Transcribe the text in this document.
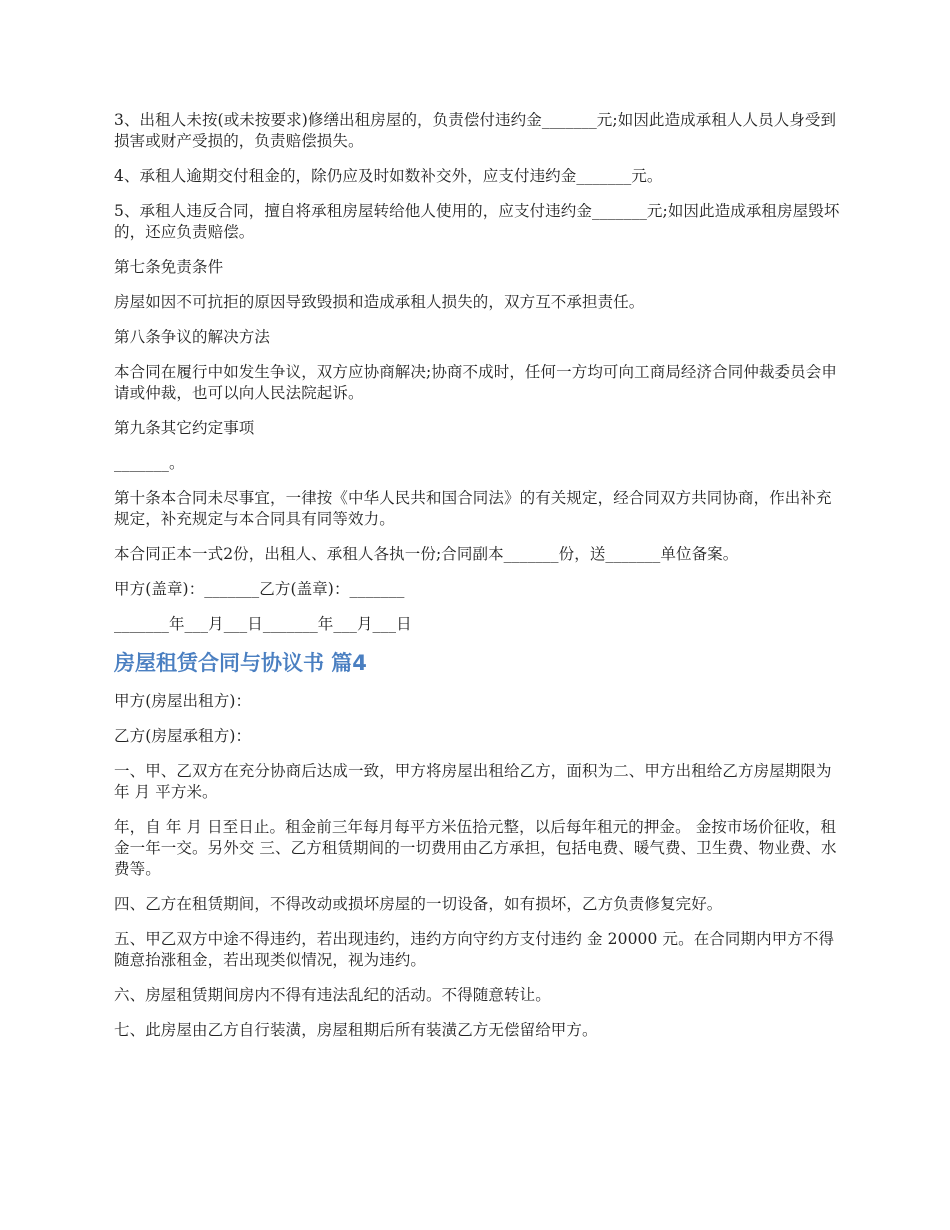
3、出租人未按(或未按要求)修缮出租房屋的，负责偿付违约金_______元;如因此造成承租人人员人身受到损害或财产受损的，负责赔偿损失。

4、承租人逾期交付租金的，除仍应及时如数补交外，应支付违约金_______元。

5、承租人违反合同，擅自将承租房屋转给他人使用的，应支付违约金_______元;如因此造成承租房屋毁坏的，还应负责赔偿。

第七条免责条件

房屋如因不可抗拒的原因导致毁损和造成承租人损失的，双方互不承担责任。

第八条争议的解决方法

本合同在履行中如发生争议，双方应协商解决;协商不成时，任何一方均可向工商局经济合同仲裁委员会申请或仲裁，也可以向人民法院起诉。

第九条其它约定事项

_______。

第十条本合同未尽事宜，一律按《中华人民共和国合同法》的有关规定，经合同双方共同协商，作出补充规定，补充规定与本合同具有同等效力。

本合同正本一式2份，出租人、承租人各执一份;合同副本_______份，送_______单位备案。

甲方(盖章)：_______乙方(盖章)：_______

_______年___月___日_______年___月___日

房屋租赁合同与协议书 篇4

甲方(房屋出租方)：

乙方(房屋承租方)：

一、甲、乙双方在充分协商后达成一致，甲方将房屋出租给乙方，面积为二、甲方出租给乙方房屋期限为 年 月 平方米。

年，自 年 月 日至日止。租金前三年每月每平方米伍拾元整，以后每年租元的押金。 金按市场价征收，租金一年一交。另外交 三、乙方租赁期间的一切费用由乙方承担，包括电费、暖气费、卫生费、物业费、水费等。

四、乙方在租赁期间，不得改动或损坏房屋的一切设备，如有损坏，乙方负责修复完好。

五、甲乙双方中途不得违约，若出现违约，违约方向守约方支付违约 金 20000 元。在合同期内甲方不得随意抬涨租金，若出现类似情况，视为违约。

六、房屋租赁期间房内不得有违法乱纪的活动。不得随意转让。

七、此房屋由乙方自行装潢，房屋租期后所有装潢乙方无偿留给甲方。
